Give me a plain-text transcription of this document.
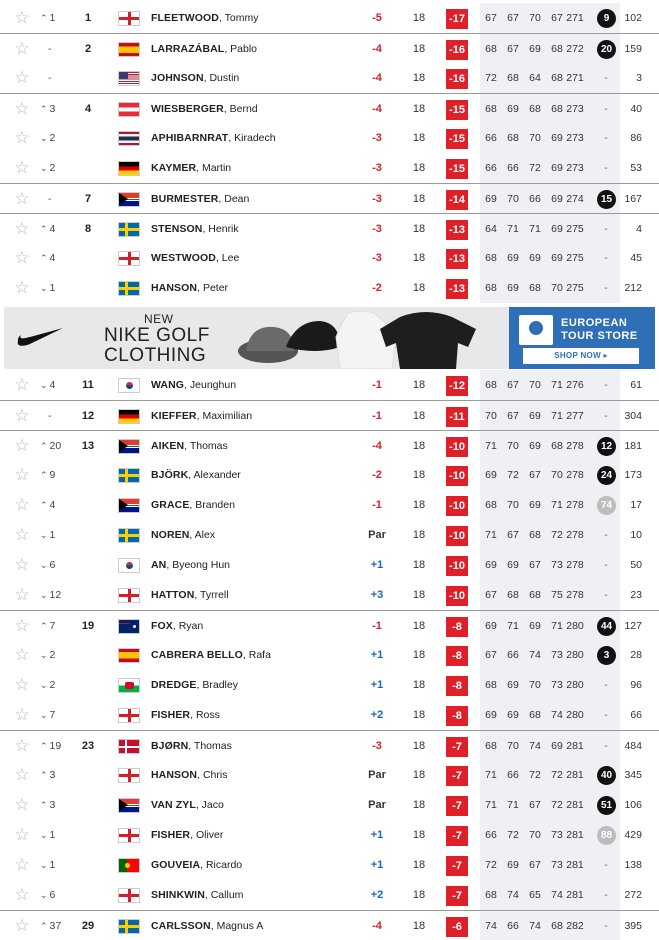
☆ ⌃ 1	1	FLEETWOOD, Tommy	-5	18	-17	67 67 70 67 271	9	102
☆	-	2	LARRAZÁBAL, Pablo	-4	18	-16	68 67 69 68 272	20	159
☆	-	JOHNSON, Dustin	-4	18	-16	72 68 64 68 271	-	3
☆ ⌃ 3	4	WIESBERGER, Bernd	-4	18	-15	68 69 68 68 273	-	40
☆ ⌄ 2	APHIBARNRAT, Kiradech	-3	18	-15	66 68 70 69 273	-	86
☆ ⌄ 2	KAYMER, Martin	-3	18	-15	66 66 72 69 273	-	53
☆	-	7	BURMESTER, Dean	-3	18	-14	69 70 66 69 274	15	167
☆ ⌃ 4	8	STENSON, Henrik	-3	18	-13	64 71 71 69 275	-	4
☆ ⌃ 4	WESTWOOD, Lee	-3	18	-13	68 69 69 69 275	-	45
☆ ⌄ 1	HANSON, Peter	-2	18	-13	68 69 68 70 275	-	212
☆ ⌄ 4	11	WANG, Jeunghun	-1	18	-12	68 67 70 71 276	-	61
☆	-	12	KIEFFER, Maximilian	-1	18	-11	70 67 69 71 277	-	304
☆ ⌃ 20	13	AIKEN, Thomas	-4	18	-10	71 70 69 68 278	12	181
☆ ⌃ 9	BJÖRK, Alexander	-2	18	-10	69 72 67 70 278	24	173
☆ ⌃ 4	GRACE, Branden	-1	18	-10	68 70 69 71 278	74	17
☆ ⌄ 1	NOREN, Alex	Par	18	-10	71 67 68 72 278	-	10
☆ ⌄ 6	AN, Byeong Hun	+1	18	-10	69 69 67 73 278	-	50
☆ ⌄ 12	HATTON, Tyrrell	+3	18	-10	67 68 68 75 278	-	23
☆ ⌃ 7	19	FOX, Ryan	-1	18	-8	69 71 69 71 280	44	127
☆ ⌄ 2	CABRERA BELLO, Rafa	+1	18	-8	67 66 74 73 280	3	28
☆ ⌄ 2	DREDGE, Bradley	+1	18	-8	68 69 70 73 280	-	96
☆ ⌄ 7	FISHER, Ross	+2	18	-8	69 69 68 74 280	-	66
☆ ⌃ 19	23	BJØRN, Thomas	-3	18	-7	68 70 74 69 281	-	484
☆ ⌃ 3	HANSON, Chris	Par	18	-7	71 66 72 72 281	40	345
☆ ⌃ 3	VAN ZYL, Jaco	Par	18	-7	71 71 67 72 281	51	106
☆ ⌄ 1	FISHER, Oliver	+1	18	-7	66 72 70 73 281	88	429
☆ ⌄ 1	GOUVEIA, Ricardo	+1	18	-7	72 69 67 73 281	-	138
☆ ⌄ 6	SHINKWIN, Callum	+2	18	-7	68 74 65 74 281	-	272
☆ ⌃ 37	29	CARLSSON, Magnus A	-4	18	-6	74 66 74 68 282	-	395
NEW
NIKE GOLF
CLOTHING
EUROPEAN
TOUR STORE
SHOP NOW ▸
